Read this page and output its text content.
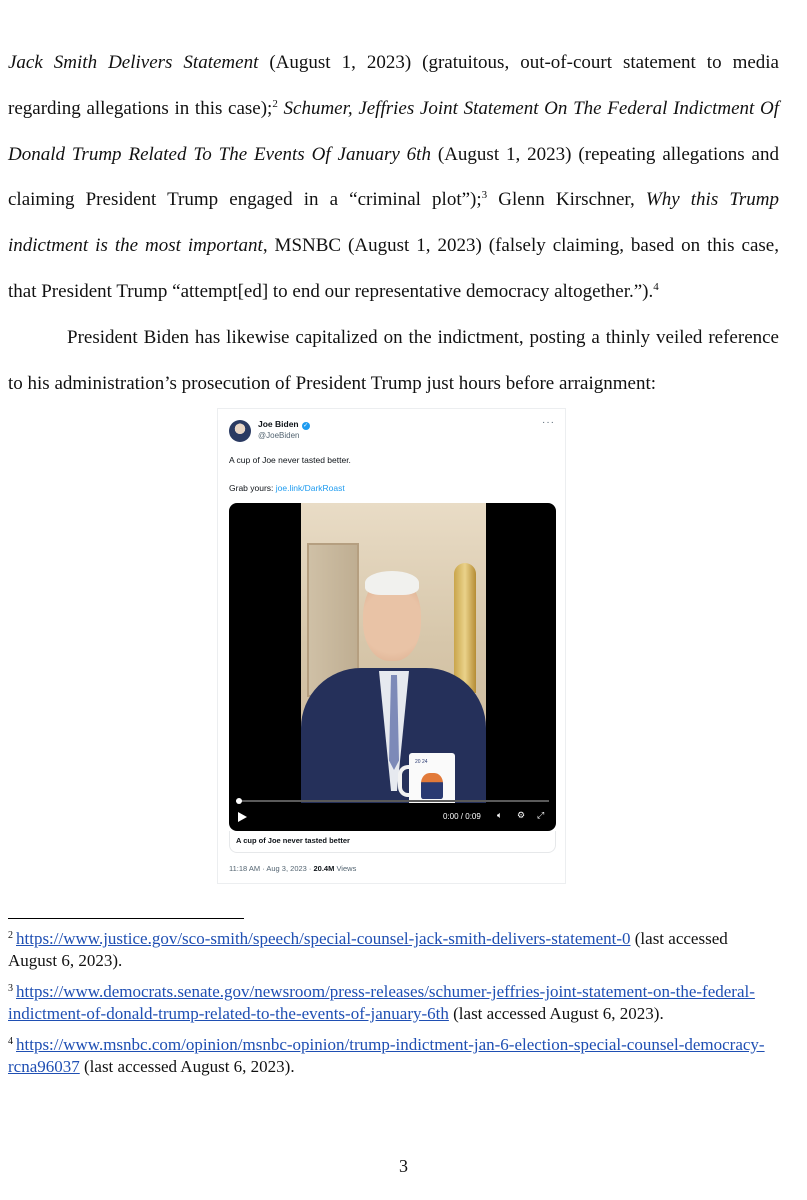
Jack Smith Delivers Statement (August 1, 2023) (gratuitous, out-of-court statement to media regarding allegations in this case);$^2$ Schumer, Jeffries Joint Statement On The Federal Indictment Of Donald Trump Related To The Events Of January 6th (August 1, 2023) (repeating allegations and claiming President Trump engaged in a “criminal plot”);$^3$ Glenn Kirschner, Why this Trump indictment is the most important, MSNBC (August 1, 2023) (falsely claiming, based on this case, that President Trump “attempt[ed] to end our representative democracy altogether.”).$^4$

President Biden has likewise capitalized on the indictment, posting a thinly veiled reference to his administration’s prosecution of President Trump just hours before arraignment:

Joe Biden ✓
@JoeBiden
···
A cup of Joe never tasted better.
Grab yours: joe.link/DarkRoast
20 24
0:00 / 0:09 🔈︎ ⚙︎ ⤢
A cup of Joe never tasted better
11:18 AM · Aug 3, 2023 · 20.4M Views

$^2$ https://www.justice.gov/sco-smith/speech/special-counsel-jack-smith-delivers-statement-0 (last accessed August 6, 2023).

$^3$ https://www.democrats.senate.gov/newsroom/press-releases/schumer-jeffries-joint-statement-on-the-federal-indictment-of-donald-trump-related-to-the-events-of-january-6th (last accessed August 6, 2023).

$^4$ https://www.msnbc.com/opinion/msnbc-opinion/trump-indictment-jan-6-election-special-counsel-democracy-rcna96037 (last accessed August 6, 2023).

3
